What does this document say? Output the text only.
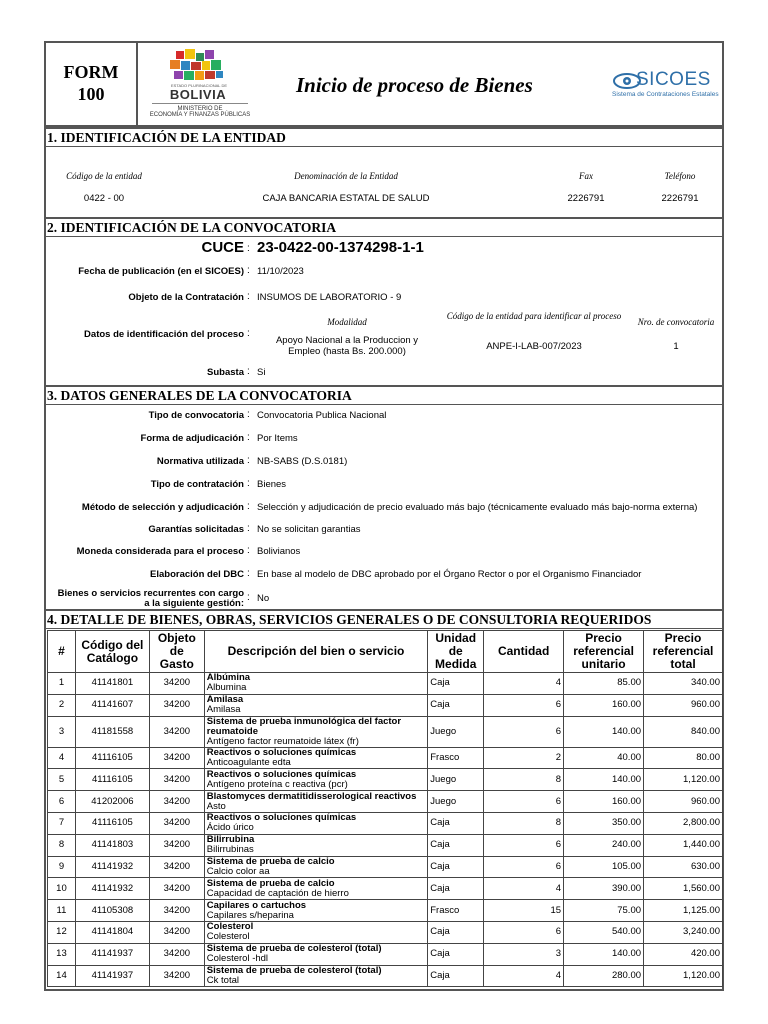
FORM
100	ESTADO PLURINACIONAL DE
BOLIVIA
MINISTERIO DE
ECONOMÍA Y FINANZAS PÚBLICAS
Inicio de proceso de Bienes	SICOES
Sistema de Contrataciones Estatales
1. IDENTIFICACIÓN DE LA ENTIDAD
Código de la entidad	Denominación de la Entidad	Fax	Teléfono
0422 - 00	CAJA BANCARIA ESTATAL DE SALUD	2226791	2226791
2. IDENTIFICACIÓN DE LA CONVOCATORIA
CUCE : 23-0422-00-1374298-1-1
Fecha de publicación (en el SICOES) : 11/10/2023
Objeto de la Contratación : INSUMOS DE LABORATORIO - 9
Datos de identificación del proceso :
Modalidad
Código de la entidad para identificar al proceso
Nro. de convocatoria
Apoyo Nacional a la Produccion y Empleo (hasta Bs. 200.000)	ANPE-I-LAB-007/2023	1
Subasta : Si
3. DATOS GENERALES DE LA CONVOCATORIA
Tipo de convocatoria : Convocatoria Publica Nacional
Forma de adjudicación : Por Items
Normativa utilizada : NB-SABS (D.S.0181)
Tipo de contratación : Bienes
Método de selección y adjudicación : Selección y adjudicación de precio evaluado más bajo (técnicamente evaluado más bajo-norma externa)
Garantías solicitadas : No se solicitan garantias
Moneda considerada para el proceso : Bolivianos
Elaboración del DBC : En base al modelo de DBC aprobado por el Órgano Rector o por el Organismo Financiador
Bienes o servicios recurrentes con cargo
a la siguiente gestión:
: No
4. DETALLE DE BIENES, OBRAS, SERVICIOS GENERALES O DE CONSULTORIA REQUERIDOS
#	Código del Catálogo	Objeto de Gasto	Descripción del bien o servicio	Unidad de Medida	Cantidad	Precio referencial unitario	Precio referencial total
1	41141801	34200	Albúmina
Albumina	Caja	4	85.00	340.00
2	41141607	34200	Amilasa
Amilasa	Caja	6	160.00	960.00
3	41181558	34200	Sistema de prueba inmunológica del factor reumatoide
Antígeno factor reumatoide látex (fr)	Juego	6	140.00	840.00
4	41116105	34200	Reactivos o soluciones químicas
Anticoagulante edta	Frasco	2	40.00	80.00
5	41116105	34200	Reactivos o soluciones químicas
Antígeno proteína c reactiva (pcr)	Juego	8	140.00	1,120.00
6	41202006	34200	Blastomyces dermatitidisserological reactivos
Asto	Juego	6	160.00	960.00
7	41116105	34200	Reactivos o soluciones químicas
Ácido úrico	Caja	8	350.00	2,800.00
8	41141803	34200	Bilirrubina
Bilirrubinas	Caja	6	240.00	1,440.00
9	41141932	34200	Sistema de prueba de calcio
Calcio color aa	Caja	6	105.00	630.00
10	41141932	34200	Sistema de prueba de calcio
Capacidad de captación de hierro	Caja	4	390.00	1,560.00
11	41105308	34200	Capilares o cartuchos
Capilares s/heparina	Frasco	15	75.00	1,125.00
12	41141804	34200	Colesterol
Colesterol	Caja	6	540.00	3,240.00
13	41141937	34200	Sistema de prueba de colesterol (total)
Colesterol -hdl	Caja	3	140.00	420.00
14	41141937	34200	Sistema de prueba de colesterol (total)
Ck total	Caja	4	280.00	1,120.00
